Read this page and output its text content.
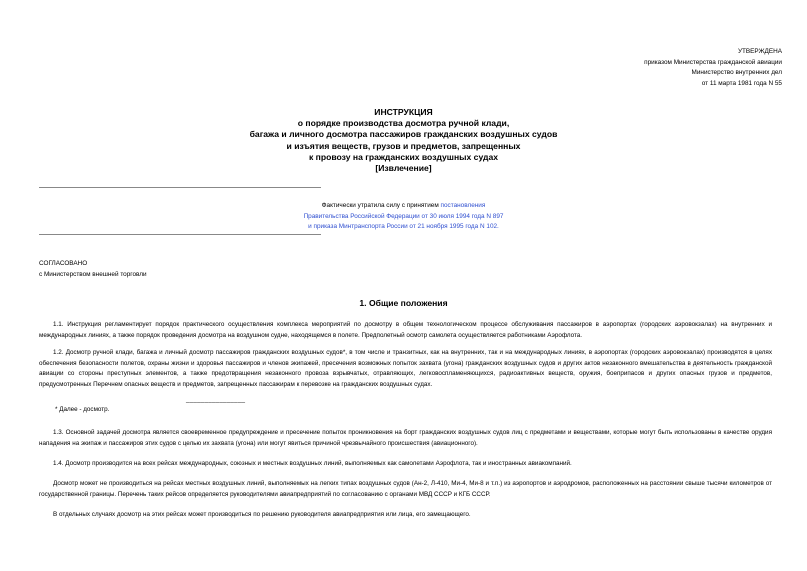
УТВЕРЖДЕНА
приказом Министерства гражданской авиации
Министерство внутренних дел
от 11 марта 1981 года N 55
ИНСТРУКЦИЯ
о порядке производства досмотра ручной клади,
багажа и личного досмотра пассажиров гражданских воздушных судов
и изъятия веществ, грузов и предметов, запрещенных
к провозу на гражданских воздушных судах
[Извлечение]
Фактически утратила силу с принятием постановления
Правительства Российской Федерации от 30 июля 1994 года N 897
и приказа Минтранспорта России от 21 ноября 1995 года N 102.
СОГЛАСОВАНО
с Министерством внешней торговли
1. Общие положения
1.1. Инструкция регламентирует порядок практического осуществления комплекса мероприятий по досмотру в общем технологическом процессе обслуживания пассажиров в аэропортах (городских аэровокзалах) на внутренних и международных линиях, а также порядок проведения досмотра на воздушном судне, находящемся в полете. Предполетный осмотр самолета осуществляется работниками Аэрофлота.
1.2. Досмотр ручной клади, багажа и личный досмотр пассажиров гражданских воздушных судов*, в том числе и транзитных, как на внутренних, так и на международных линиях, в аэропортах (городских аэровокзалах) производятся в целях обеспечения безопасности полетов, охраны жизни и здоровья пассажиров и членов экипажей, пресечения возможных попыток захвата (угона) гражданских воздушных судов и других актов незаконного вмешательства в деятельность гражданской авиации со стороны преступных элементов, а также предотвращения незаконного провоза взрывчатых, отравляющих, легковоспламеняющихся, радиоактивных веществ, оружия, боеприпасов и других опасных грузов и предметов, предусмотренных Перечнем опасных веществ и предметов, запрещенных пассажирам к перевозке на гражданских воздушных судах.
________________
* Далее - досмотр.
1.3. Основной задачей досмотра является своевременное предупреждение и пресечение попыток проникновения на борт гражданских воздушных судов лиц с предметами и веществами, которые могут быть использованы в качестве орудия нападения на экипаж и пассажиров этих судов с целью их захвата (угона) или могут явиться причиной чрезвычайного происшествия (авиационного).
1.4. Досмотр производится на всех рейсах международных, союзных и местных воздушных линий, выполняемых как самолетами Аэрофлота, так и иностранных авиакомпаний.
Досмотр может не производиться на рейсах местных воздушных линий, выполняемых на легких типах воздушных судов (Ан-2, Л-410, Ми-4, Ми-8 и т.п.) из аэропортов и аэродромов, расположенных на расстоянии свыше тысячи километров от государственной границы. Перечень таких рейсов определяется руководителями авиапредприятий по согласованию с органами МВД СССР и КГБ СССР.
В отдельных случаях досмотр на этих рейсах может производиться по решению руководителя авиапредприятия или лица, его замещающего.
